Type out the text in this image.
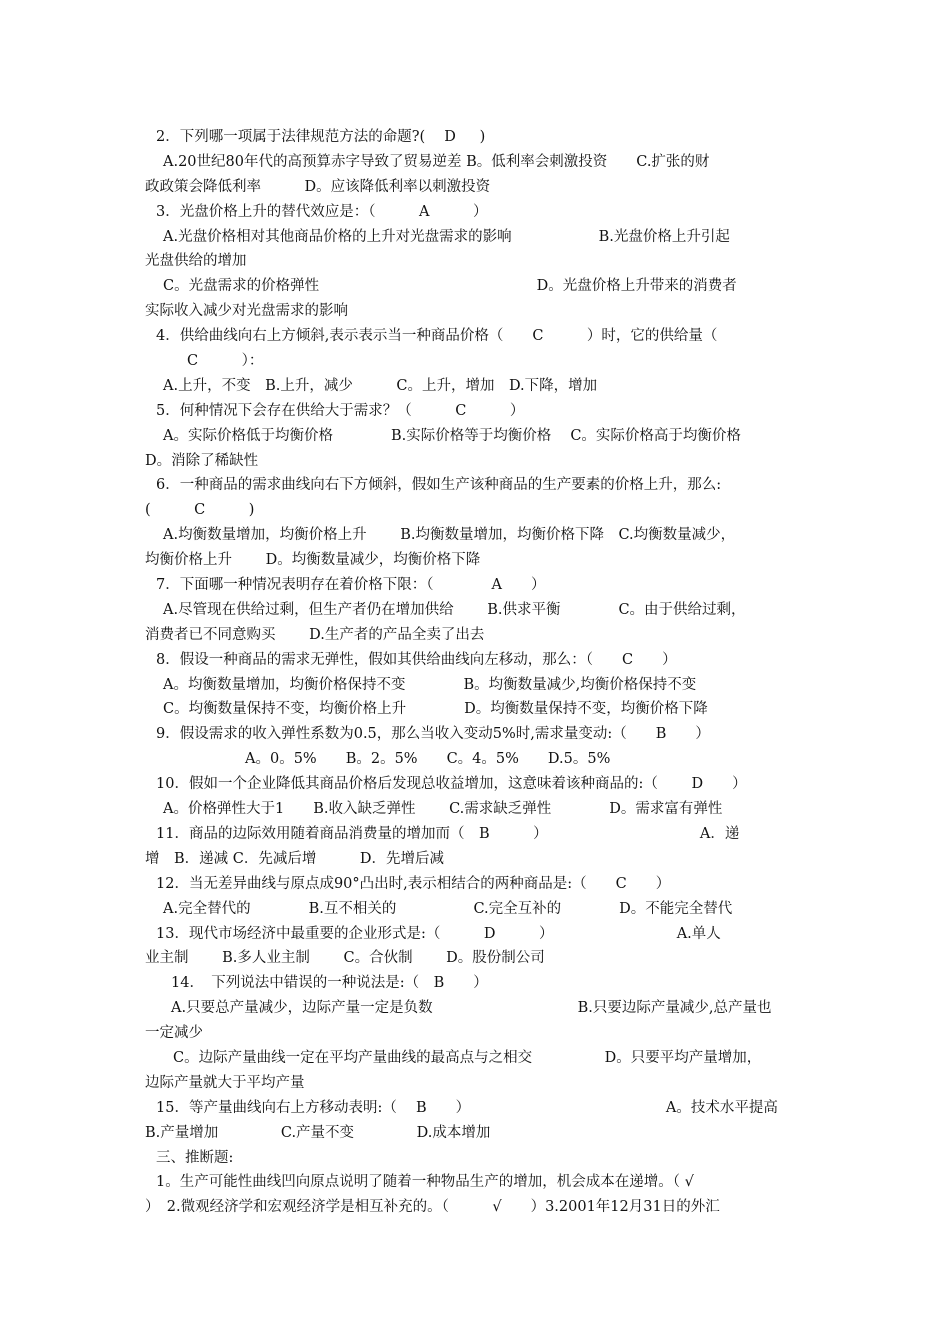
2．下列哪一项属于法律规范方法的命题?(　 D 　 )
A.20世纪80年代的高预算赤字导致了贸易逆差 B。低利率会刺激投资　　C.扩张的财
政政策会降低利率　　　D。应该降低利率以刺激投资
3．光盘价格上升的替代效应是：（　　　A　　　）
A.光盘价格相对其他商品价格的上升对光盘需求的影响　　　　　　B.光盘价格上升引起
光盘供给的增加
C。光盘需求的价格弹性　　　　　　　　　　　　　　　D。光盘价格上升带来的消费者
实际收入减少对光盘需求的影响
4．供给曲线向右上方倾斜,表示表示当一种商品价格（　　C　　　）时，它的供给量（
C　　　）：
A.上升，不变　B.上升，减少　　　C。上升，增加　D.下降，增加
5．何种情况下会存在供给大于需求？（　　　C　　　）
A。实际价格低于均衡价格　　　　B.实际价格等于均衡价格　 C。实际价格高于均衡价格
D。消除了稀缺性
6．一种商品的需求曲线向右下方倾斜，假如生产该种商品的生产要素的价格上升，那么:
(　　　C　　　)
A.均衡数量增加，均衡价格上升　　 B.均衡数量增加，均衡价格下降　C.均衡数量减少，
均衡价格上升　　 D。均衡数量减少，均衡价格下降
7．下面哪一种情况表明存在着价格下限：（　　　　A　　）
A.尽管现在供给过剩，但生产者仍在增加供给　　 B.供求平衡　　　　C。由于供给过剩，
消费者已不同意购买　　 D.生产者的产品全卖了出去
8．假设一种商品的需求无弹性，假如其供给曲线向左移动，那么：（　　C　　）
A。均衡数量增加，均衡价格保持不变　　　　B。均衡数量减少,均衡价格保持不变
C。均衡数量保持不变，均衡价格上升　　　　D。均衡数量保持不变，均衡价格下降
9．假设需求的收入弹性系数为0.5，那么当收入变动5%时,需求量变动:（　　B　　）
A。0。5%　　B。2。5%　　C。4。5%　　D.5。5%
10．假如一个企业降低其商品价格后发现总收益增加，这意味着该种商品的:（　　 D　　）
A。价格弹性大于1　　B.收入缺乏弹性　　 C.需求缺乏弹性　　　　D。需求富有弹性
11．商品的边际效用随着商品消费量的增加而（　B　　　）　　　　　　　　　　　A．递
增　B．递减 C．先减后增　　　D．先增后减
12．当无差异曲线与原点成90°凸出时,表示相结合的两种商品是:（　　C　　）
A.完全替代的　　　　B.互不相关的　　　　　 C.完全互补的　　　　D。不能完全替代
13．现代市场经济中最重要的企业形式是:（　　　D　　　）　　　　　　　　　A.单人
业主制　　 B.多人业主制　　 C。合伙制　　 D。股份制公司
14．　下列说法中错误的一种说法是:（　B　　）
A.只要总产量减少，边际产量一定是负数　　　　　　　　　　B.只要边际产量减少,总产量也
一定减少
C。边际产量曲线一定在平均产量曲线的最高点与之相交　　　　　D。只要平均产量增加，
边际产量就大于平均产量
15．等产量曲线向右上方移动表明:（　 B　　）　　　　　　　　　　　　　　A。技术水平提高
B.产量增加　　　　 C.产量不变　　　　 D.成本增加
三、推断题:
1。生产可能性曲线凹向原点说明了随着一种物品生产的增加，机会成本在递增。（ √
）　2.微观经济学和宏观经济学是相互补充的。（　　　√　　）3.2001年12月31日的外汇
